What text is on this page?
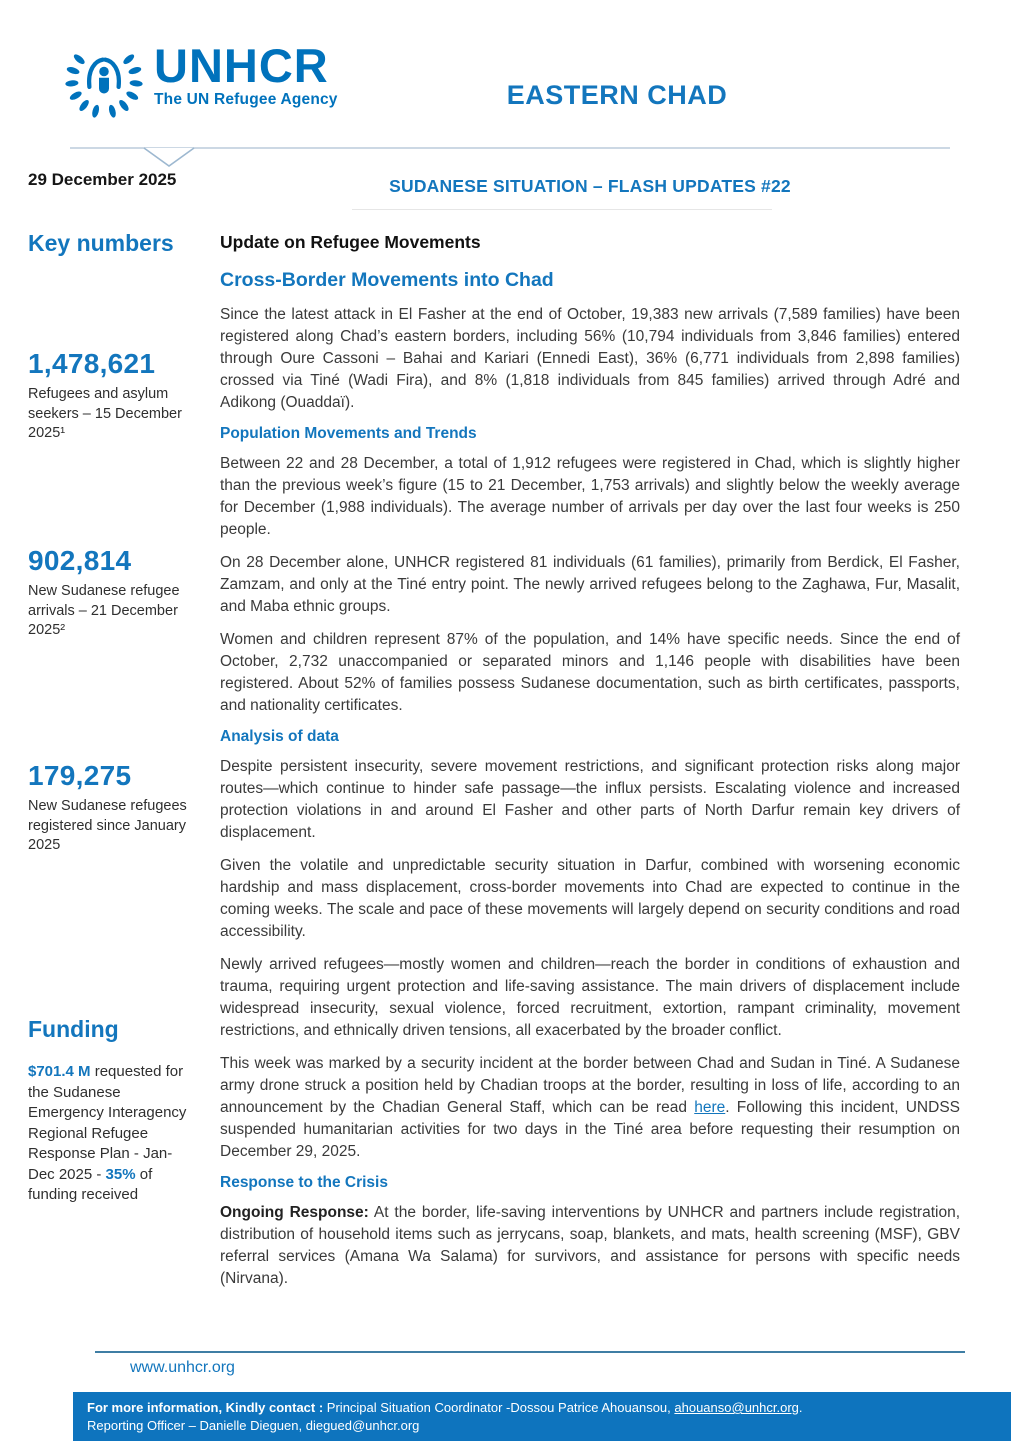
UNHCR
The UN Refugee Agency	EASTERN CHAD
29 December 2025	SUDANESE SITUATION – FLASH UPDATES #22
Key numbers
1,478,621
Refugees and asylum seekers – 15 December 2025¹
902,814
New Sudanese refugee arrivals – 21 December 2025²
179,275
New Sudanese refugees registered since January 2025
Funding
$701.4 M requested for the Sudanese Emergency Interagency Regional Refugee Response Plan - Jan- Dec 2025 - 35% of funding received
Update on Refugee Movements
Cross-Border Movements into Chad

Since the latest attack in El Fasher at the end of October, 19,383 new arrivals (7,589 families) have been registered along Chad’s eastern borders, including 56% (10,794 individuals from 3,846 families) entered through Oure Cassoni – Bahai and Kariari (Ennedi East), 36% (6,771 individuals from 2,898 families) crossed via Tiné (Wadi Fira), and 8% (1,818 individuals from 845 families) arrived through Adré and Adikong (Ouaddaï).

Population Movements and Trends

Between 22 and 28 December, a total of 1,912 refugees were registered in Chad, which is slightly higher than the previous week’s figure (15 to 21 December, 1,753 arrivals) and slightly below the weekly average for December (1,988 individuals). The average number of arrivals per day over the last four weeks is 250 people.

On 28 December alone, UNHCR registered 81 individuals (61 families), primarily from Berdick, El Fasher, Zamzam, and only at the Tiné entry point. The newly arrived refugees belong to the Zaghawa, Fur, Masalit, and Maba ethnic groups.

Women and children represent 87% of the population, and 14% have specific needs. Since the end of October, 2,732 unaccompanied or separated minors and 1,146 people with disabilities have been registered. About 52% of families possess Sudanese documentation, such as birth certificates, passports, and nationality certificates.

Analysis of data

Despite persistent insecurity, severe movement restrictions, and significant protection risks along major routes—which continue to hinder safe passage—the influx persists. Escalating violence and increased protection violations in and around El Fasher and other parts of North Darfur remain key drivers of displacement.

Given the volatile and unpredictable security situation in Darfur, combined with worsening economic hardship and mass displacement, cross-border movements into Chad are expected to continue in the coming weeks. The scale and pace of these movements will largely depend on security conditions and road accessibility.

Newly arrived refugees—mostly women and children—reach the border in conditions of exhaustion and trauma, requiring urgent protection and life-saving assistance. The main drivers of displacement include widespread insecurity, sexual violence, forced recruitment, extortion, rampant criminality, movement restrictions, and ethnically driven tensions, all exacerbated by the broader conflict.

This week was marked by a security incident at the border between Chad and Sudan in Tiné. A Sudanese army drone struck a position held by Chadian troops at the border, resulting in loss of life, according to an announcement by the Chadian General Staff, which can be read here. Following this incident, UNDSS suspended humanitarian activities for two days in the Tiné area before requesting their resumption on December 29, 2025.

Response to the Crisis

Ongoing Response: At the border, life-saving interventions by UNHCR and partners include registration, distribution of household items such as jerrycans, soap, blankets, and mats, health screening (MSF), GBV referral services (Amana Wa Salama) for survivors, and assistance for persons with specific needs (Nirvana).

www.unhcr.org
For more information, Kindly contact : Principal Situation Coordinator -Dossou Patrice Ahouansou, ahouanso@unhcr.org.
Reporting Officer – Danielle Dieguen, diegued@unhcr.org
